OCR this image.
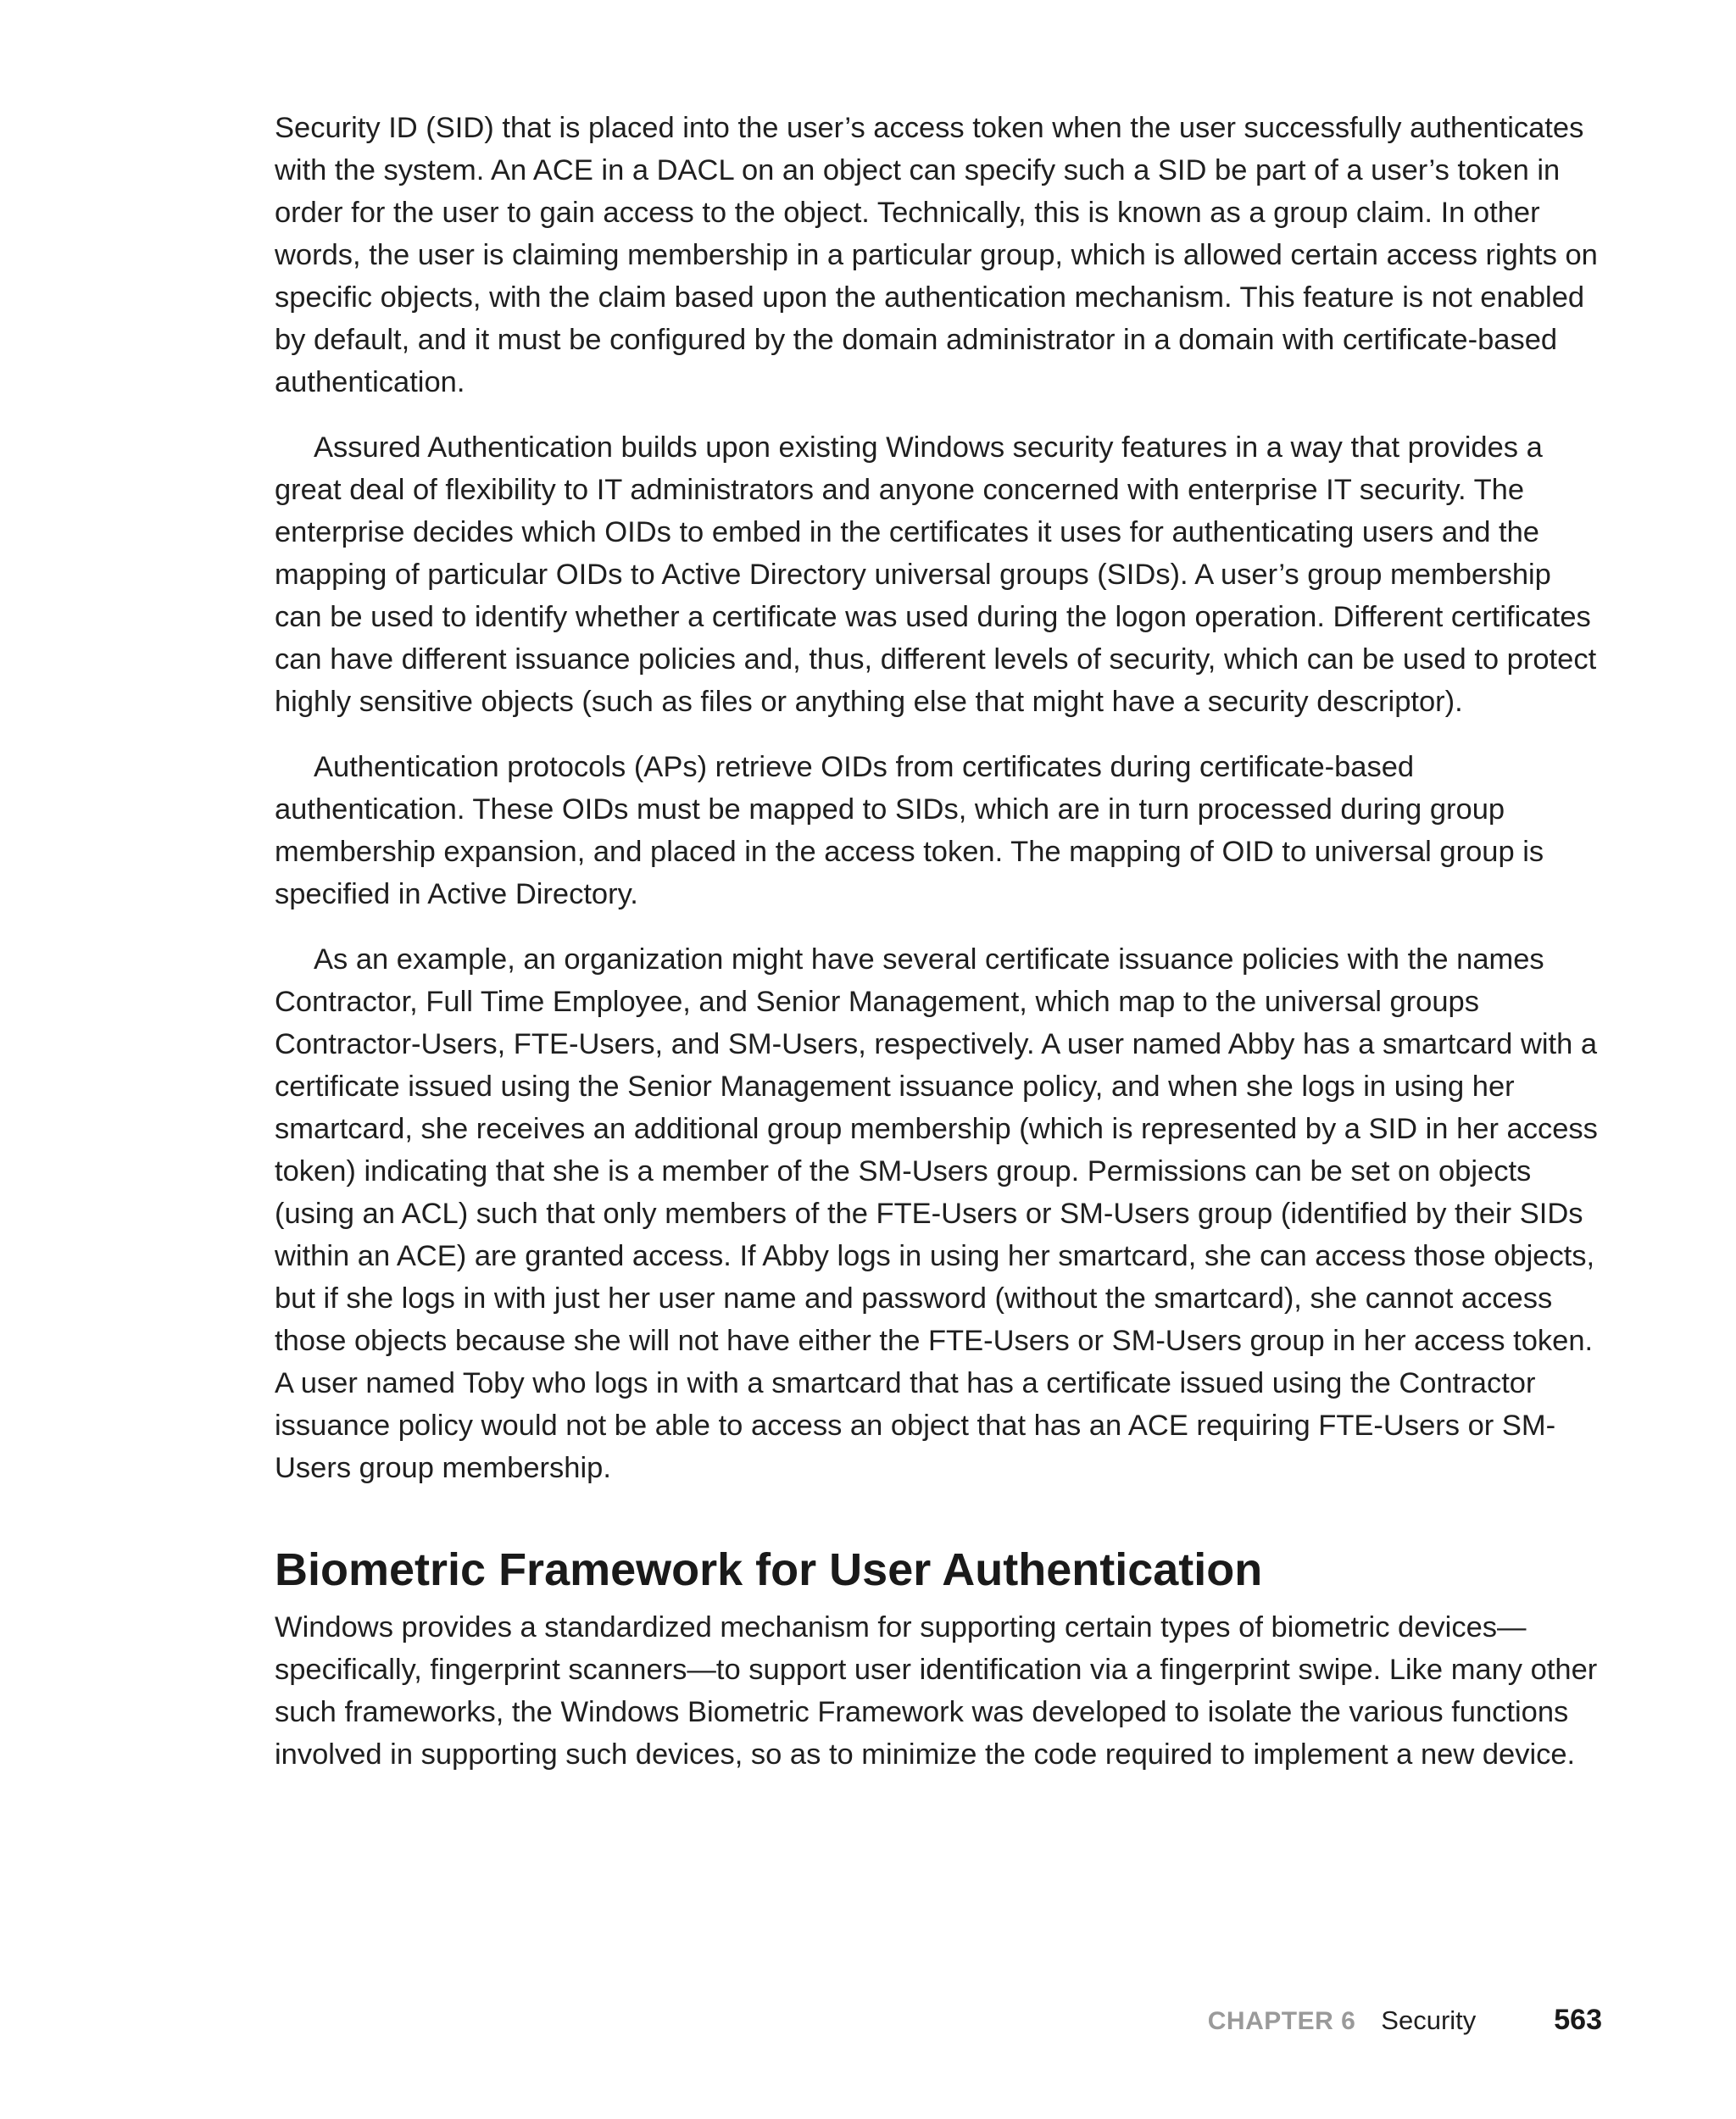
Security ID (SID) that is placed into the user’s access token when the user successfully authenticates with the system. An ACE in a DACL on an object can specify such a SID be part of a user’s token in order for the user to gain access to the object. Technically, this is known as a group claim. In other words, the user is claiming membership in a particular group, which is allowed certain access rights on specific objects, with the claim based upon the authentication mechanism. This feature is not enabled by default, and it must be configured by the domain administrator in a domain with certificate-based authentication.

Assured Authentication builds upon existing Windows security features in a way that provides a great deal of flexibility to IT administrators and anyone concerned with enterprise IT security. The enterprise decides which OIDs to embed in the certificates it uses for authenticating users and the mapping of particular OIDs to Active Directory universal groups (SIDs). A user’s group membership can be used to identify whether a certificate was used during the logon operation. Different certificates can have different issuance policies and, thus, different levels of security, which can be used to protect highly sensitive objects (such as files or anything else that might have a security descriptor).

Authentication protocols (APs) retrieve OIDs from certificates during certificate-based authentication. These OIDs must be mapped to SIDs, which are in turn processed during group membership expansion, and placed in the access token. The mapping of OID to universal group is specified in Active Directory.

As an example, an organization might have several certificate issuance policies with the names Contractor, Full Time Employee, and Senior Management, which map to the universal groups Contractor-Users, FTE-Users, and SM-Users, respectively. A user named Abby has a smartcard with a certificate issued using the Senior Management issuance policy, and when she logs in using her smartcard, she receives an additional group membership (which is represented by a SID in her access token) indicating that she is a member of the SM-Users group. Permissions can be set on objects (using an ACL) such that only members of the FTE-Users or SM-Users group (identified by their SIDs within an ACE) are granted access. If Abby logs in using her smartcard, she can access those objects, but if she logs in with just her user name and password (without the smartcard), she cannot access those objects because she will not have either the FTE-Users or SM-Users group in her access token. A user named Toby who logs in with a smartcard that has a certificate issued using the Contractor issuance policy would not be able to access an object that has an ACE requiring FTE-Users or SM-Users group membership.

Biometric Framework for User Authentication

Windows provides a standardized mechanism for supporting certain types of biometric devices—specifically, fingerprint scanners—to support user identification via a fingerprint swipe. Like many other such frameworks, the Windows Biometric Framework was developed to isolate the various functions involved in supporting such devices, so as to minimize the code required to implement a new device.

CHAPTER 6 Security	563
